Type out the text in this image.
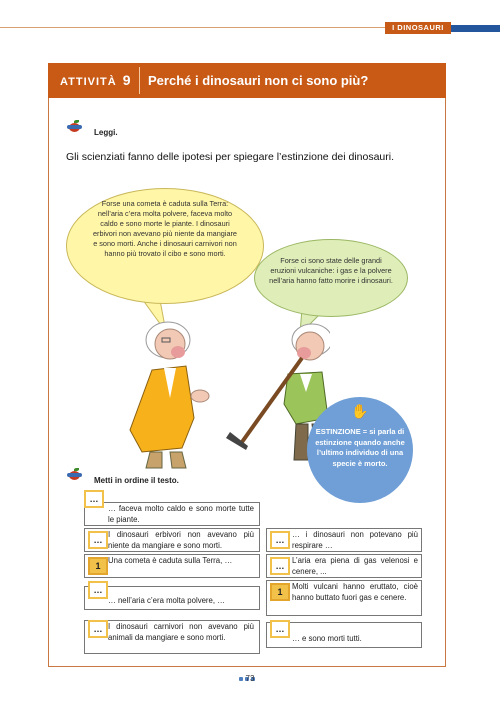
I DINOSAURI
ATTIVITÀ 9	Perché i dinosauri non ci sono più?
Leggi.
Gli scienziati fanno delle ipotesi per spiegare l’estinzione dei dinosauri.
Forse una cometa è caduta sulla Terra: nell’aria c’era molta polvere, faceva molto caldo e sono morte le piante. I dinosauri erbivori non avevano più niente da mangiare e sono morti. Anche i dinosauri carnivori non hanno più trovato il cibo e sono morti.
Forse ci sono state delle grandi eruzioni vulcaniche: i gas e la polvere nell’aria hanno fatto morire i dinosauri.
✋
ESTINZIONE = si parla di estinzione quando anche l’ultimo individuo di una specie è morto.
Metti in ordine il testo.
…
… faceva molto caldo e sono morte tutte le piante.
…
I dinosauri erbivori non avevano più niente da mangiare e sono morti.
1
Una cometa è caduta sulla Terra, …
…
… nell’aria c’era molta polvere, …
… I dinosauri carnivori non avevano più animali da mangiare e sono morti.
…
… i dinosauri non potevano più respirare …
…
L’aria era piena di gas velenosi e cenere, ...
1
Molti vulcani hanno eruttato, cioè hanno buttato fuori gas e cenere.
…
… e sono morti tutti.
73
